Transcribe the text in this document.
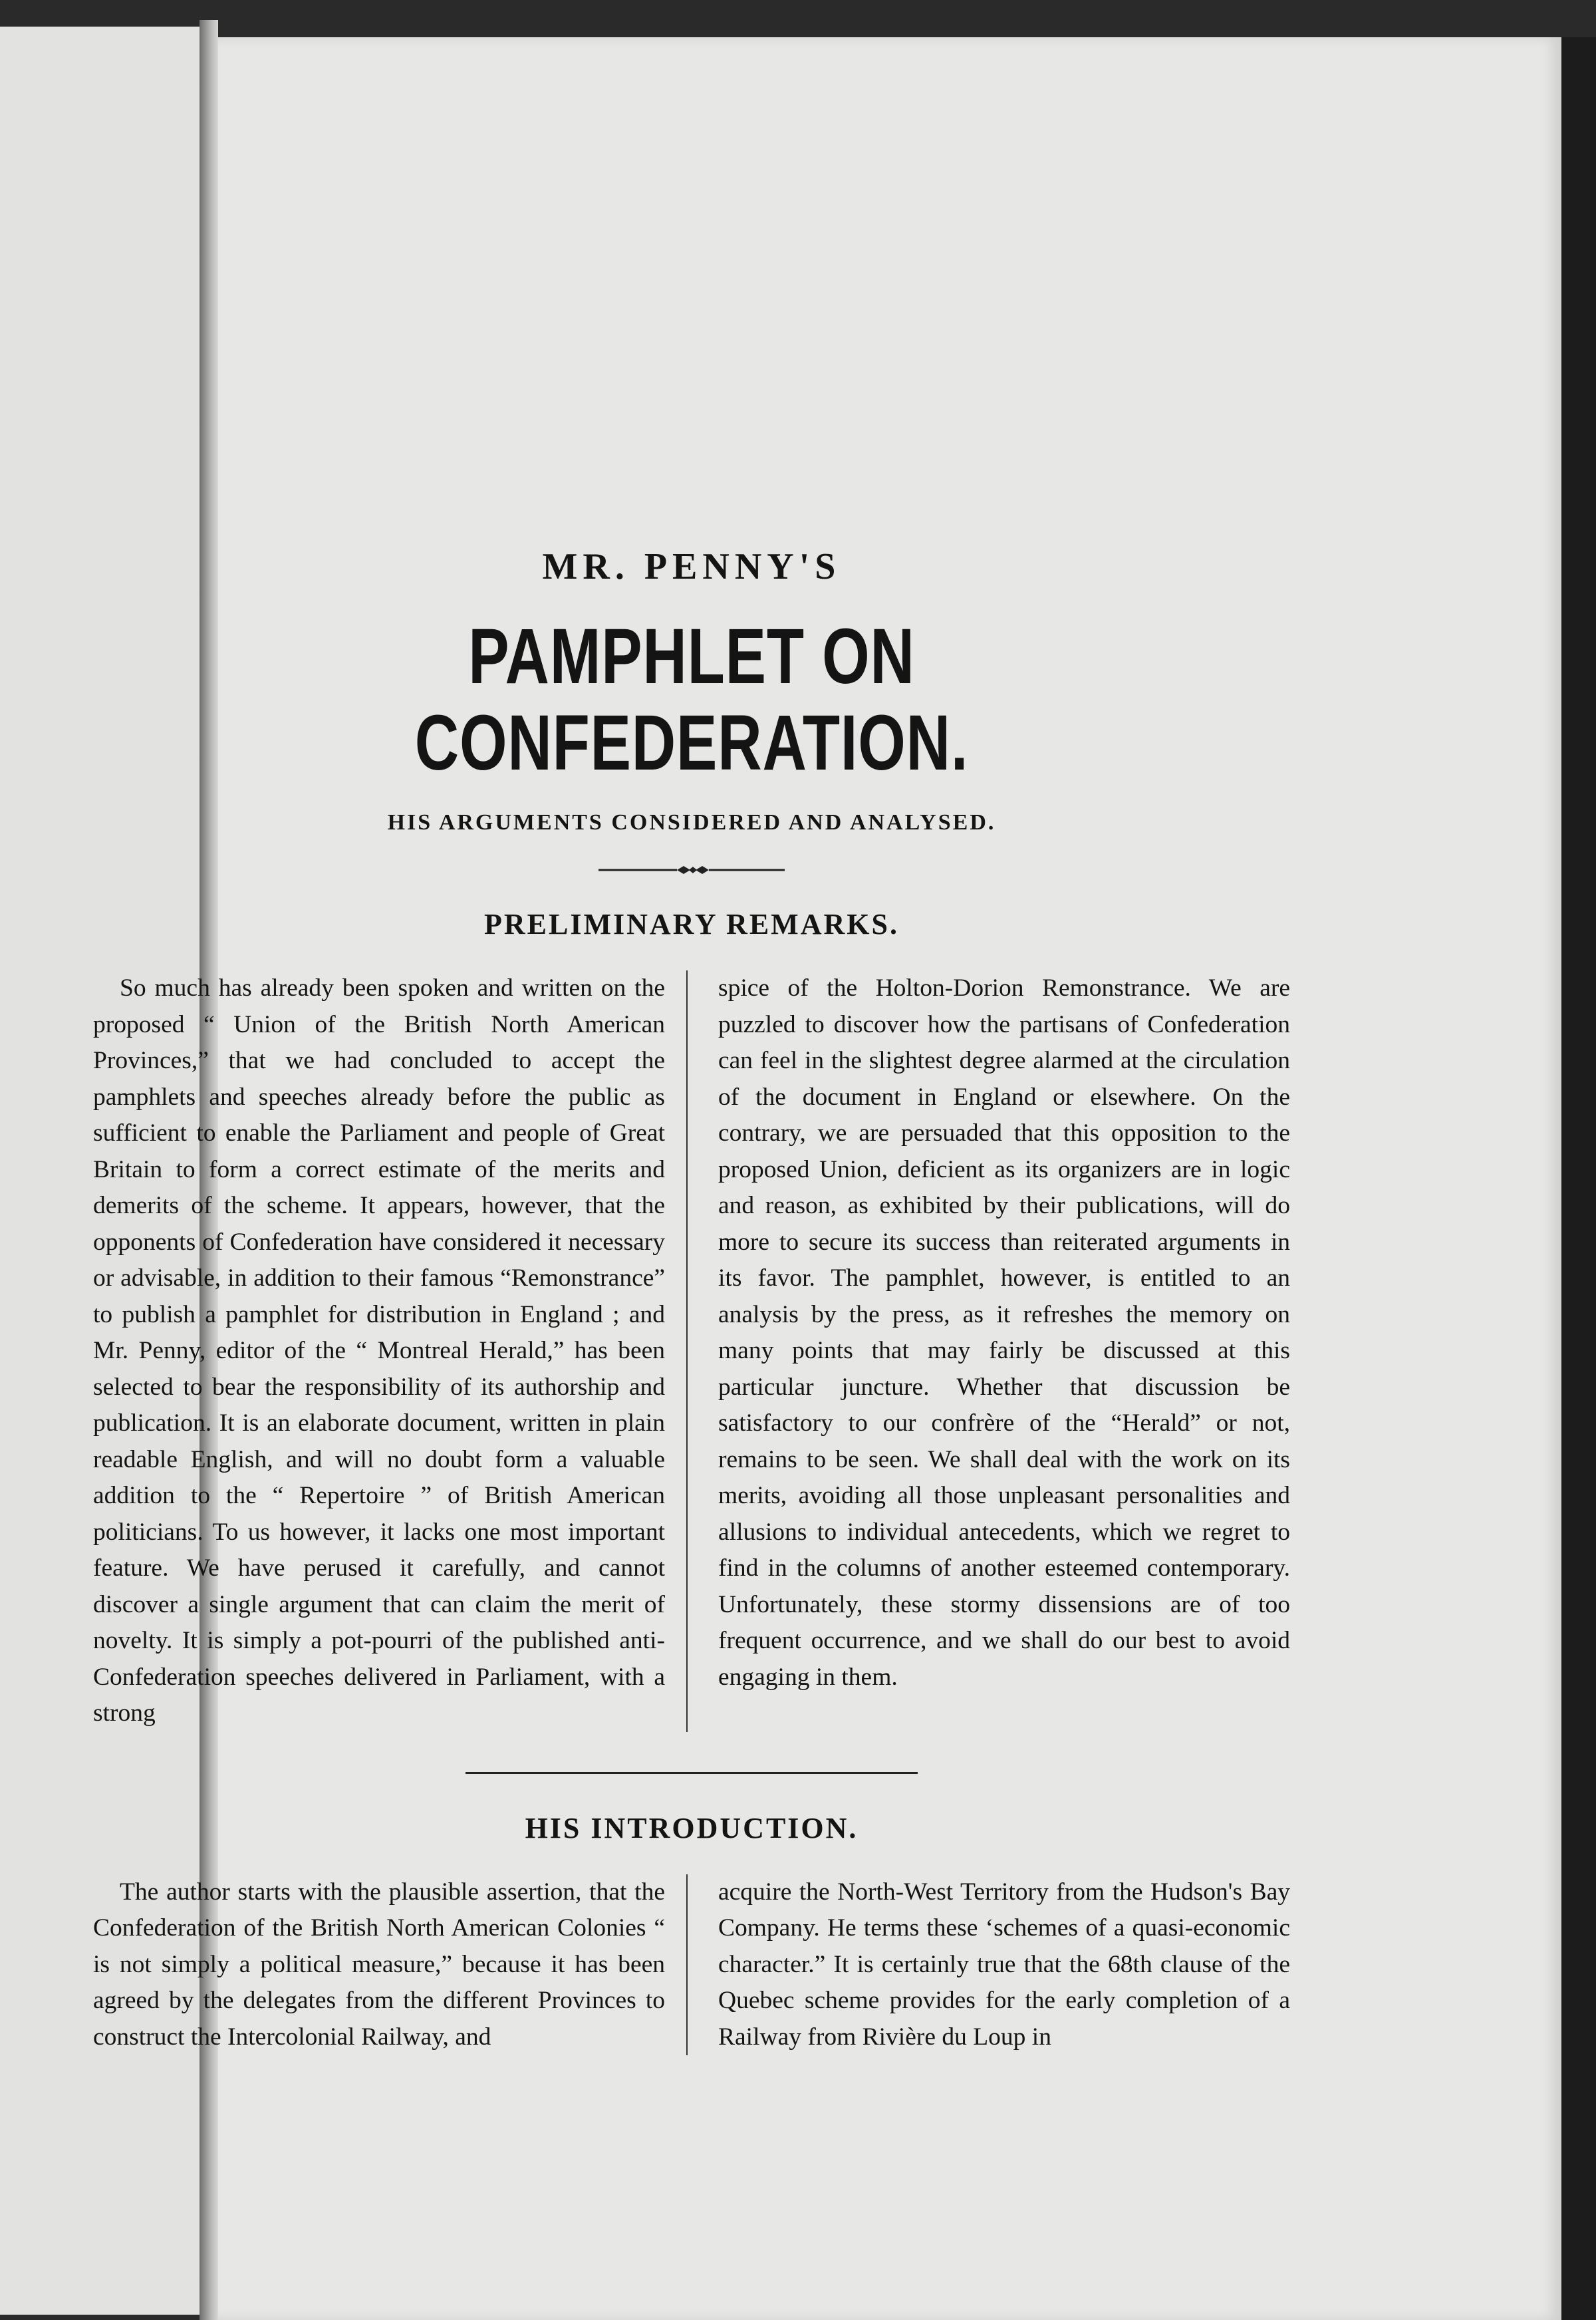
MR. PENNY'S
PAMPHLET ON CONFEDERATION.
HIS ARGUMENTS CONSIDERED AND ANALYSED.
PRELIMINARY REMARKS.

So much has already been spoken and written on the proposed “ Union of the British North American Provinces,” that we had concluded to accept the pamphlets and speeches already before the public as sufficient to enable the Parliament and people of Great Britain to form a correct estimate of the merits and demerits of the scheme. It appears, however, that the opponents of Confederation have considered it necessary or advisable, in addition to their famous “Remonstrance” to publish a pamphlet for distribution in England ; and Mr. Penny, editor of the “ Montreal Herald,” has been selected to bear the responsibility of its authorship and publication. It is an elaborate document, written in plain readable English, and will no doubt form a valuable addition to the “ Repertoire ” of British American politicians. To us however, it lacks one most important feature. We have perused it carefully, and cannot discover a single argument that can claim the merit of novelty. It is simply a pot-pourri of the published anti-Confederation speeches delivered in Parliament, with a strong

spice of the Holton-Dorion Remonstrance. We are puzzled to discover how the partisans of Confederation can feel in the slightest degree alarmed at the circulation of the document in England or elsewhere. On the contrary, we are persuaded that this opposition to the proposed Union, deficient as its organizers are in logic and reason, as exhibited by their publications, will do more to secure its success than reiterated arguments in its favor. The pamphlet, however, is entitled to an analysis by the press, as it refreshes the memory on many points that may fairly be discussed at this particular juncture. Whether that discussion be satisfactory to our confrère of the “Herald” or not, remains to be seen. We shall deal with the work on its merits, avoiding all those unpleasant personalities and allusions to individual antecedents, which we regret to find in the columns of another esteemed contemporary. Unfortunately, these stormy dissensions are of too frequent occurrence, and we shall do our best to avoid engaging in them.

HIS INTRODUCTION.

The author starts with the plausible assertion, that the Confederation of the British North American Colonies “ is not simply a political measure,” because it has been agreed by the delegates from the different Provinces to construct the Intercolonial Railway, and

acquire the North-West Territory from the Hudson's Bay Company. He terms these ‘schemes of a quasi-economic character.” It is certainly true that the 68th clause of the Quebec scheme provides for the early completion of a Railway from Rivière du Loup in
